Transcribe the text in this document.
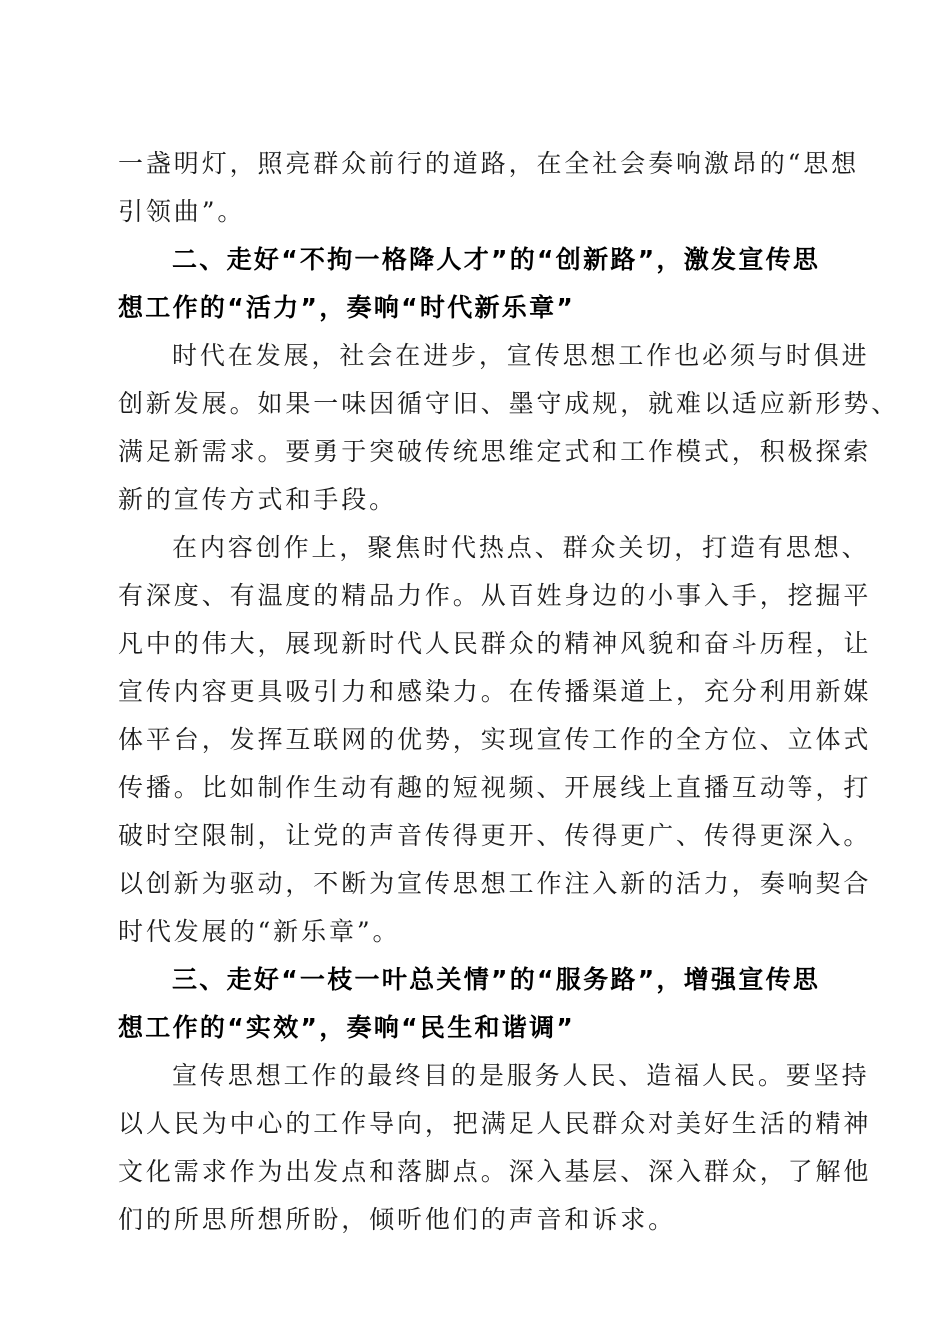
一盏明灯，照亮群众前行的道路，在全社会奏响激昂的“思想
引领曲”。
二、走好“不拘一格降人才”的“创新路”，激发宣传思
想工作的“活力”，奏响“时代新乐章”
时代在发展，社会在进步，宣传思想工作也必须与时俱进
创新发展。如果一味因循守旧、墨守成规，就难以适应新形势、
满足新需求。要勇于突破传统思维定式和工作模式，积极探索
新的宣传方式和手段。
在内容创作上，聚焦时代热点、群众关切，打造有思想、
有深度、有温度的精品力作。从百姓身边的小事入手，挖掘平
凡中的伟大，展现新时代人民群众的精神风貌和奋斗历程，让
宣传内容更具吸引力和感染力。在传播渠道上，充分利用新媒
体平台，发挥互联网的优势，实现宣传工作的全方位、立体式
传播。比如制作生动有趣的短视频、开展线上直播互动等，打
破时空限制，让党的声音传得更开、传得更广、传得更深入。
以创新为驱动，不断为宣传思想工作注入新的活力，奏响契合
时代发展的“新乐章”。
三、走好“一枝一叶总关情”的“服务路”，增强宣传思
想工作的“实效”，奏响“民生和谐调”
宣传思想工作的最终目的是服务人民、造福人民。要坚持
以人民为中心的工作导向，把满足人民群众对美好生活的精神
文化需求作为出发点和落脚点。深入基层、深入群众，了解他
们的所思所想所盼，倾听他们的声音和诉求。
